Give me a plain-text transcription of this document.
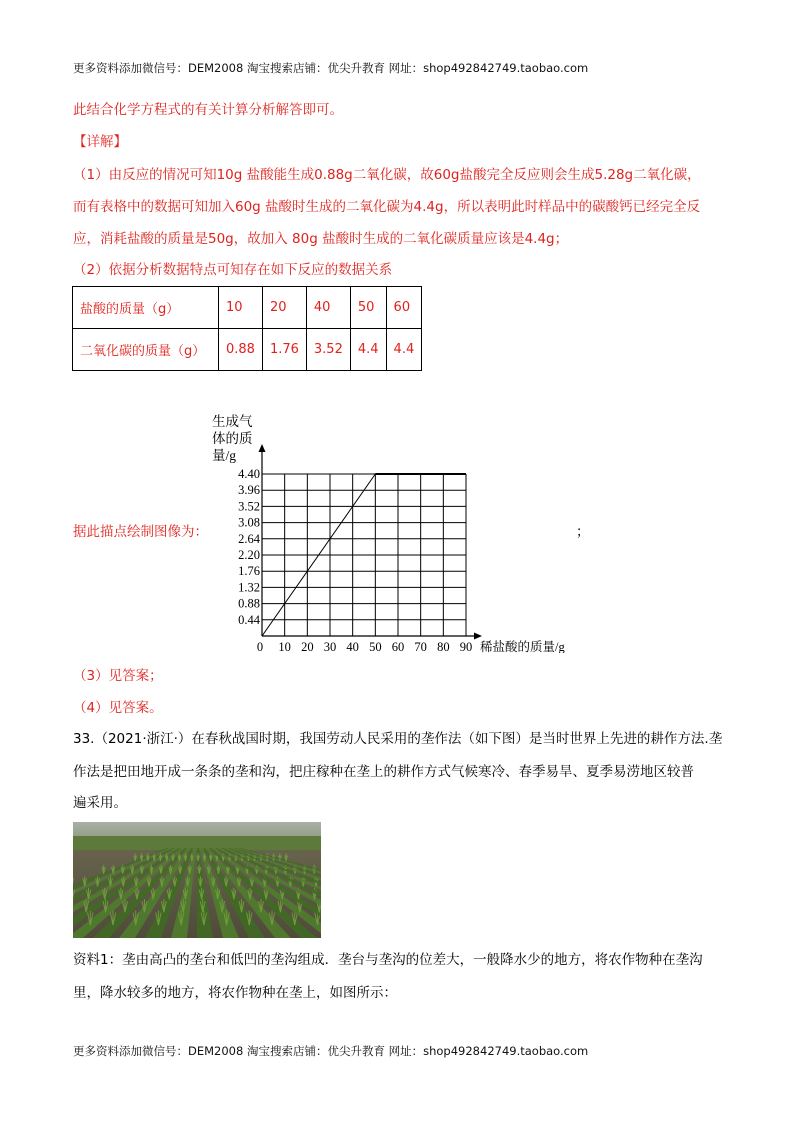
更多资料添加微信号：DEM2008 淘宝搜索店铺：优尖升教育 网址：shop492842749.taobao.com
此结合化学方程式的有关计算分析解答即可。
【详解】
（1）由反应的情况可知10g 盐酸能生成0.88g二氧化碳，故60g盐酸完全反应则会生成5.28g二氧化碳，
而有表格中的数据可知加入60g 盐酸时生成的二氧化碳为4.4g，所以表明此时样品中的碳酸钙已经完全反
应，消耗盐酸的质量是50g，故加入 80g 盐酸时生成的二氧化碳质量应该是4.4g；
（2）依据分析数据特点可知存在如下反应的数据关系
盐酸的质量（g）	10	20	40	50	60
二氧化碳的质量（g）	0.88	1.76	3.52	4.4	4.4
据此描点绘制图像为：	；
10 20 30 40 50 60 70 80 90
0.44
0.88
1.32
1.76
2.20
2.64
3.08
3.52
3.96
4.40
0	稀盐酸的质量/g
生成气
体的质
量/g
（3）见答案；
（4）见答案。
33.（2021·浙江·）在春秋战国时期，我国劳动人民采用的垄作法（如下图）是当时世界上先进的耕作方法.垄
作法是把田地开成一条条的垄和沟，把庄稼种在垄上的耕作方式气候寒冷、春季易旱、夏季易涝地区较普
遍采用。
资料1：垄由高凸的垄台和低凹的垄沟组成．垄台与垄沟的位差大，一般降水少的地方，将农作物种在垄沟
里，降水较多的地方，将农作物种在垄上，如图所示：
更多资料添加微信号：DEM2008 淘宝搜索店铺：优尖升教育 网址：shop492842749.taobao.com
